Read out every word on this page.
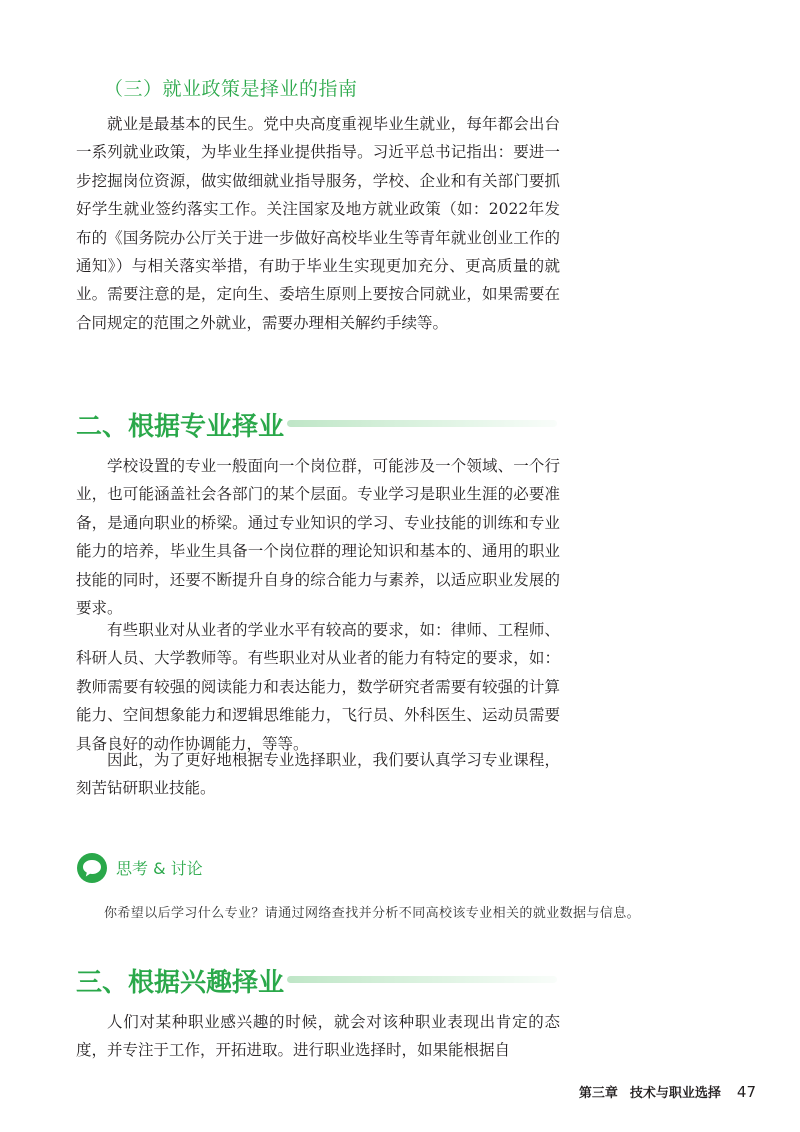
（三）就业政策是择业的指南

就业是最基本的民生。党中央高度重视毕业生就业，每年都会出台一系列就业政策，为毕业生择业提供指导。习近平总书记指出：要进一步挖掘岗位资源，做实做细就业指导服务，学校、企业和有关部门要抓好学生就业签约落实工作。关注国家及地方就业政策（如：2022年发布的《国务院办公厅关于进一步做好高校毕业生等青年就业创业工作的通知》）与相关落实举措，有助于毕业生实现更加充分、更高质量的就业。需要注意的是，定向生、委培生原则上要按合同就业，如果需要在合同规定的范围之外就业，需要办理相关解约手续等。

二、根据专业择业

学校设置的专业一般面向一个岗位群，可能涉及一个领域、一个行业，也可能涵盖社会各部门的某个层面。专业学习是职业生涯的必要准备，是通向职业的桥梁。通过专业知识的学习、专业技能的训练和专业能力的培养，毕业生具备一个岗位群的理论知识和基本的、通用的职业技能的同时，还要不断提升自身的综合能力与素养，以适应职业发展的要求。

有些职业对从业者的学业水平有较高的要求，如：律师、工程师、科研人员、大学教师等。有些职业对从业者的能力有特定的要求，如：教师需要有较强的阅读能力和表达能力，数学研究者需要有较强的计算能力、空间想象能力和逻辑思维能力，飞行员、外科医生、运动员需要具备良好的动作协调能力，等等。

因此，为了更好地根据专业选择职业，我们要认真学习专业课程，刻苦钻研职业技能。

思考 & 讨论
你希望以后学习什么专业？请通过网络查找并分析不同高校该专业相关的就业数据与信息。
三、根据兴趣择业

人们对某种职业感兴趣的时候，就会对该种职业表现出肯定的态度，并专注于工作，开拓进取。进行职业选择时，如果能根据自

第三章 技术与职业选择 47
